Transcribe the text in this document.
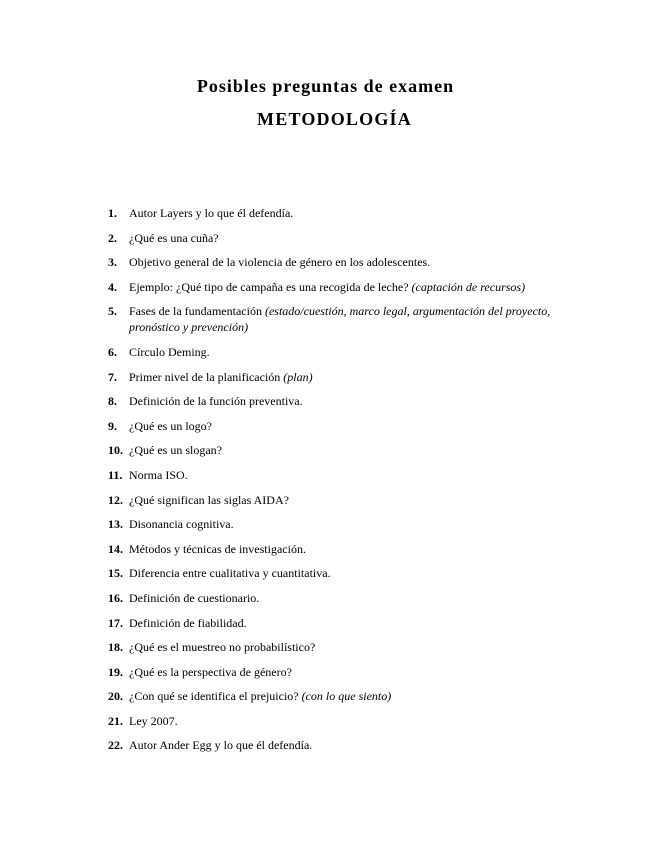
Posibles preguntas de examen
METODOLOGÍA
1. Autor Layers y lo que él defendía.
2. ¿Qué es una cuña?
3. Objetivo general de la violencia de género en los adolescentes.
4. Ejemplo: ¿Qué tipo de campaña es una recogida de leche? (captación de recursos)
5. Fases de la fundamentación (estado/cuestión, marco legal, argumentación del proyecto, pronóstico y prevención)
6. Círculo Deming.
7. Primer nivel de la planificación (plan)
8. Definición de la función preventiva.
9. ¿Qué es un logo?
10. ¿Qué es un slogan?
11. Norma ISO.
12. ¿Qué significan las siglas AIDA?
13. Disonancia cognitiva.
14. Métodos y técnicas de investigación.
15. Diferencia entre cualitativa y cuantitativa.
16. Definición de cuestionario.
17. Definición de fiabilidad.
18. ¿Qué es el muestreo no probabilístico?
19. ¿Qué es la perspectiva de género?
20. ¿Con qué se identifica el prejuicio? (con lo que siento)
21. Ley 2007.
22. Autor Ander Egg y lo que él defendía.
